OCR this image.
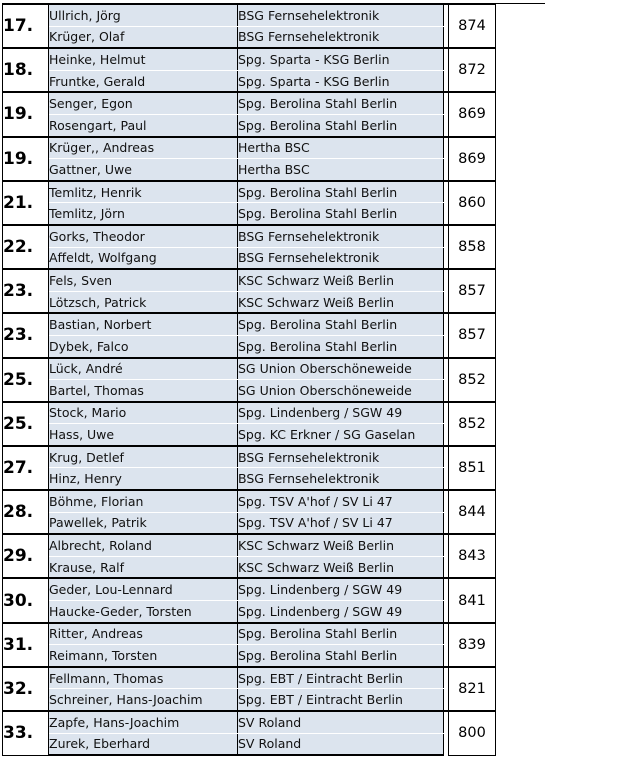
17.	Ullrich, Jörg	BSG Fernsehelektronik		874
	Krüger, Olaf	BSG Fernsehelektronik		
18.	Heinke, Helmut	Spg. Sparta - KSG Berlin		872
	Fruntke, Gerald	Spg. Sparta - KSG Berlin		
19.	Senger, Egon	Spg. Berolina Stahl Berlin		869
	Rosengart, Paul	Spg. Berolina Stahl Berlin		
19.	Krüger,, Andreas	Hertha BSC		869
	Gattner, Uwe	Hertha BSC		
21.	Temlitz, Henrik	Spg. Berolina Stahl Berlin		860
	Temlitz, Jörn	Spg. Berolina Stahl Berlin		
22.	Gorks, Theodor	BSG Fernsehelektronik		858
	Affeldt, Wolfgang	BSG Fernsehelektronik		
23.	Fels, Sven	KSC Schwarz Weiß Berlin		857
	Lötzsch, Patrick	KSC Schwarz Weiß Berlin		
23.	Bastian, Norbert	Spg. Berolina Stahl Berlin		857
	Dybek, Falco	Spg. Berolina Stahl Berlin		
25.	Lück, André	SG Union Oberschöneweide		852
	Bartel, Thomas	SG Union Oberschöneweide		
25.	Stock, Mario	Spg. Lindenberg / SGW 49		852
	Hass, Uwe	Spg. KC Erkner / SG Gaselan		
27.	Krug, Detlef	BSG Fernsehelektronik		851
	Hinz, Henry	BSG Fernsehelektronik		
28.	Böhme, Florian	Spg. TSV A'hof / SV Li 47		844
	Pawellek, Patrik	Spg. TSV A'hof / SV Li 47		
29.	Albrecht, Roland	KSC Schwarz Weiß Berlin		843
	Krause, Ralf	KSC Schwarz Weiß Berlin		
30.	Geder, Lou-Lennard	Spg. Lindenberg / SGW 49		841
	Haucke-Geder, Torsten	Spg. Lindenberg / SGW 49		
31.	Ritter, Andreas	Spg. Berolina Stahl Berlin		839
	Reimann, Torsten	Spg. Berolina Stahl Berlin		
32.	Fellmann, Thomas	Spg. EBT / Eintracht Berlin		821
	Schreiner, Hans-Joachim	Spg. EBT / Eintracht Berlin		
33.	Zapfe, Hans-Joachim	SV Roland		800
	Zurek, Eberhard	SV Roland		
